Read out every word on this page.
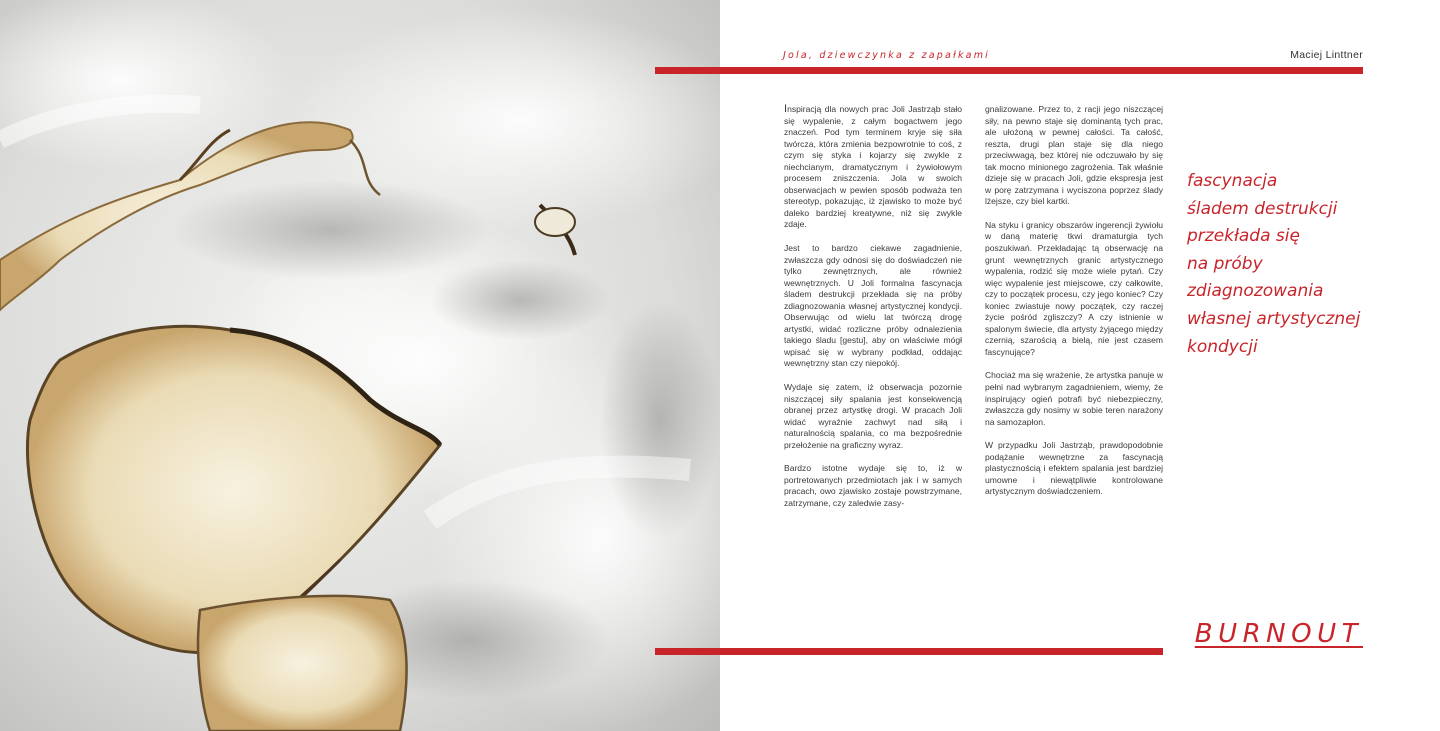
Jola, dziewczynka z zapałkami	Maciej Linttner

Inspiracją dla nowych prac Joli Jastrząb stało się wypalenie, z całym bogactwem jego znaczeń. Pod tym terminem kryje się siła twórcza, która zmienia bezpowrotnie to coś, z czym się styka i kojarzy się zwykle z niechcianym, dramatycznym i żywiołowym procesem zniszczenia. Jola w swoich obserwacjach w pewien sposób podważa ten stereotyp, pokazując, iż zjawisko to może być daleko bardziej kreatywne, niż się zwykle zdaje.

Jest to bardzo ciekawe zagadnienie, zwłaszcza gdy odnosi się do doświadczeń nie tylko zewnętrznych, ale również wewnętrznych. U Joli formalna fascynacja śladem destrukcji przekłada się na próby zdiagnozowania własnej artystycznej kondycji. Obserwując od wielu lat twórczą drogę artystki, widać rozliczne próby odnalezienia takiego śladu [gestu], aby on właściwie mógł wpisać się w wybrany podkład, oddając wewnętrzny stan czy niepokój.

Wydaje się zatem, iż obserwacja pozornie niszczącej siły spalania jest konsekwencją obranej przez artystkę drogi. W pracach Joli widać wyraźnie zachwyt nad siłą i naturalnością spalania, co ma bezpośrednie przełożenie na graficzny wyraz.

Bardzo istotne wydaje się to, iż w portretowanych przedmiotach jak i w samych pracach, owo zjawisko zostaje powstrzymane, zatrzymane, czy zaledwie zasy-

gnalizowane. Przez to, z racji jego niszczącej siły, na pewno staje się dominantą tych prac, ale ułożoną w pewnej całości. Ta całość, reszta, drugi plan staje się dla niego przeciwwagą, bez której nie odczuwało by się tak mocno minionego zagrożenia. Tak właśnie dzieje się w pracach Joli, gdzie ekspresja jest w porę zatrzymana i wyciszona poprzez ślady lżejsze, czy biel kartki.

Na styku i granicy obszarów ingerencji żywiołu w daną materię tkwi dramaturgia tych poszukiwań. Przekładając tą obserwację na grunt wewnętrznych granic artystycznego wypalenia, rodzić się może wiele pytań. Czy więc wypalenie jest miejscowe, czy całkowite, czy to początek procesu, czy jego koniec? Czy koniec zwiastuje nowy początek, czy raczej życie pośród zgliszczy? A czy istnienie w spalonym świecie, dla artysty żyjącego między czernią, szarością a bielą, nie jest czasem fascynujące?

Chociaż ma się wrażenie, że artystka panuje w pełni nad wybranym zagadnieniem, wiemy, że inspirujący ogień potrafi być niebezpieczny, zwłaszcza gdy nosimy w sobie teren narażony na samozapłon.

W przypadku Joli Jastrząb, prawdopodobnie podążanie wewnętrzne za fascynacją plastycznością i efektem spalania jest bardziej umowne i niewątpliwie kontrolowane artystycznym doświadczeniem.

fascynacja
śladem destrukcji
przekłada się
na próby
zdiagnozowania
własnej artystycznej
kondycji
BURNOUT
